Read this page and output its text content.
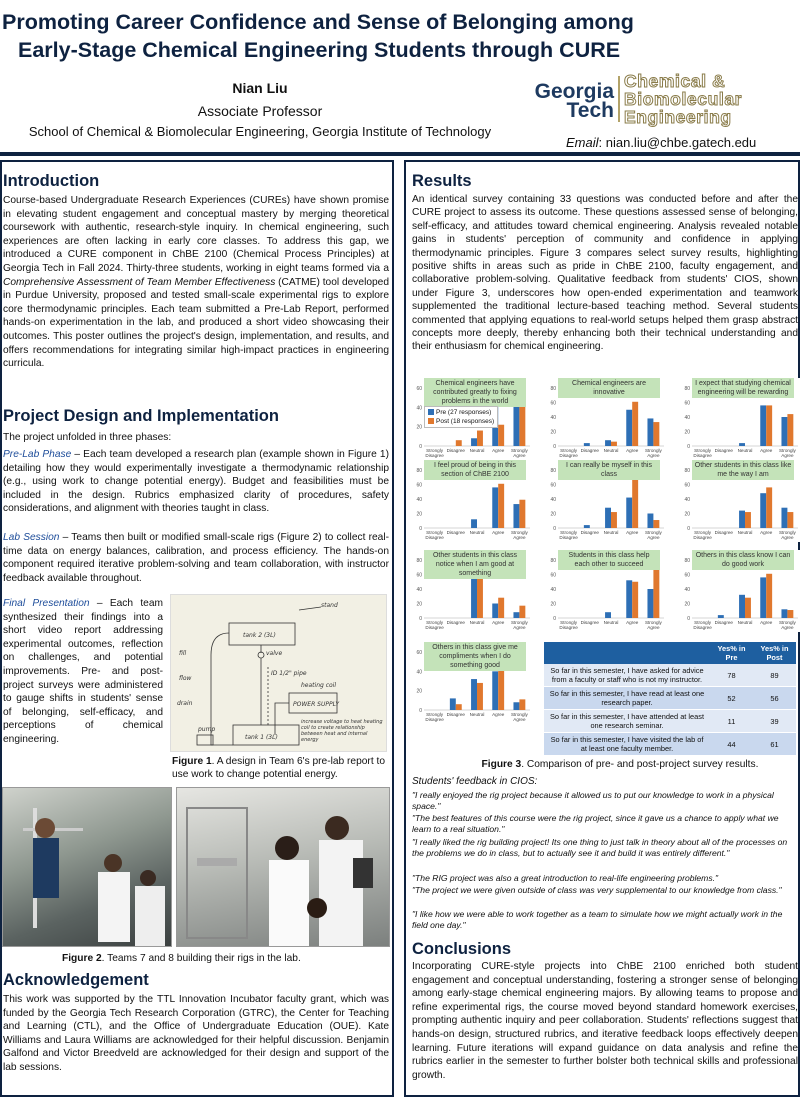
Promoting Career Confidence and Sense of Belonging among
Early-Stage Chemical Engineering Students through CURE
Nian Liu
Associate Professor
School of Chemical & Biomolecular Engineering, Georgia Institute of Technology
Georgia
Tech
Chemical &
Biomolecular
Engineering
Email: nian.liu@chbe.gatech.edu
Introduction
Course-based Undergraduate Research Experiences (CUREs) have shown promise in elevating student engagement and conceptual mastery by merging theoretical coursework with authentic, research-style inquiry. In chemical engineering, such experiences are often lacking in early core classes. To address this gap, we introduced a CURE component in ChBE 2100 (Chemical Process Principles) at Georgia Tech in Fall 2024. Thirty-three students, working in eight teams formed via a Comprehensive Assessment of Team Member Effectiveness (CATME) tool developed in Purdue University, proposed and tested small-scale experimental rigs to explore core thermodynamic principles. Each team submitted a Pre-Lab Report, performed hands-on experimentation in the lab, and produced a short video showcasing their outcomes. This poster outlines the project's design, implementation, and results, and offers recommendations for integrating similar high-impact practices in engineering curricula.
Project Design and Implementation
The project unfolded in three phases:
Pre-Lab Phase – Each team developed a research plan (example shown in Figure 1) detailing how they would experimentally investigate a thermodynamic relationship (e.g., using work to change potential energy). Budget and feasibilities must be included in the design. Rubrics emphasized clarity of procedures, safety considerations, and alignment with theories taught in class.
Lab Session – Teams then built or modified small-scale rigs (Figure 2) to collect real-time data on energy balances, calibration, and process efficiency. The hands-on component required iterative problem-solving and team collaboration, with instructor feedback available throughout.
Final Presentation – Each team synthesized their findings into a short video report addressing experimental outcomes, reflection on challenges, and potential improvements. Pre- and post-project surveys were administered to gauge shifts in students' sense of belonging, self-efficacy, and perceptions of chemical engineering.
tank 2 (3L)
tank 1 (3L)
valve
ID 1/2" pipe
pump
POWER SUPPLY
heating coil
flow
fill
drain
stand
increase voltage to heat heating coil to create relationship between heat and internal energy
Figure 1. A design in Team 6's pre-lab report to use work to change potential energy.
Figure 2. Teams 7 and 8 building their rigs in the lab.
Acknowledgement
This work was supported by the TTL Innovation Incubator faculty grant, which was funded by the Georgia Tech Research Corporation (GTRC), the Center for Teaching and Learning (CTL), and the Office of Undergraduate Education (OUE). Kate Williams and Laura Williams are acknowledged for their helpful discussion. Benjamin Galfond and Victor Breedveld are acknowledged for their design and support of the lab sessions.
Results
An identical survey containing 33 questions was conducted before and after the CURE project to assess its outcome. These questions assessed sense of belonging, self-efficacy, and attitudes toward chemical engineering. Analysis revealed notable gains in students' perception of community and confidence in applying thermodynamic principles. Figure 3 compares select survey results, highlighting positive shifts in areas such as pride in ChBE 2100, faculty engagement, and collaborative problem-solving. Qualitative feedback from students' CIOS, shown under Figure 3, underscores how open-ended experimentation and teamwork supplemented the traditional lecture-based teaching method. Several students commented that applying equations to real-world setups helped them grasp abstract concepts more deeply, thereby enhancing both their technical understanding and their enthusiasm for chemical engineering.
0
20
40
60
Strongly
Disagree
Disagree Neutral Agree Strongly
Agree
Chemical engineers have contributed greatly to fixing problems in the world
Pre (27 responses)
Post (18 responses)
0
20
40
60
80
Strongly
Disagree
Disagree Neutral Agree Strongly
Agree
Chemical engineers are innovative
0
20
40
60
80
Strongly
Disagree
Disagree Neutral Agree Strongly
Agree
I expect that studying chemical engineering will be rewarding
0
20
40
60
80
Strongly
Disagree
Disagree Neutral Agree Strongly
Agree
I feel proud of being in this section of ChBE 2100
0
20
40
60
80
Strongly
Disagree
Disagree Neutral Agree Strongly
Agree
I can really be myself in this class
0
20
40
60
80
Strongly
Disagree
Disagree Neutral Agree Strongly
Agree
Other students in this class like me the way I am
0
20
40
60
80
Strongly
Disagree
Disagree Neutral Agree Strongly
Agree
Other students in this class notice when I am good at something
0
20
40
60
80
Strongly
Disagree
Disagree Neutral Agree Strongly
Agree
Students in this class help each other to succeed
0
20
40
60
80
Strongly
Disagree
Disagree Neutral Agree Strongly
Agree
Others in this class know I can do good work
0
20
40
60
Strongly
Disagree
Disagree Neutral Agree Strongly
Agree
Others in this class give me compliments when I do something good
	Yes% in Pre	Yes% in Post
So far in this semester, I have asked for advice from a faculty or staff who is not my instructor.	78	89
So far in this semester, I have read at least one research paper.	52	56
So far in this semester, I have attended at least one research seminar.	11	39
So far in this semester, I have visited the lab of at least one faculty member.	44	61
Figure 3. Comparison of pre- and post-project survey results.
Students' feedback in CIOS:
"I really enjoyed the rig project because it allowed us to put our knowledge to work in a physical space."
"The best features of this course were the rig project, since it gave us a chance to apply what we learn to a real situation."
"I really liked the rig building project! Its one thing to just talk in theory about all of the processes on the problems we do in class, but to actually see it and build it was entirely different."
"The RIG project was also a great introduction to real-life engineering problems."
"The project we were given outside of class was very supplemental to our knowledge from class."
"I like how we were able to work together as a team to simulate how we might actually work in the field one day."
Conclusions
Incorporating CURE-style projects into ChBE 2100 enriched both student engagement and conceptual understanding, fostering a stronger sense of belonging among early-stage chemical engineering majors. By allowing teams to propose and refine experimental rigs, the course moved beyond standard homework exercises, prompting authentic inquiry and peer collaboration. Students' reflections suggest that hands-on design, structured rubrics, and iterative feedback loops effectively deepen learning. Future iterations will expand guidance on data analysis and refine the rubrics earlier in the semester to further bolster both technical skills and professional growth.
